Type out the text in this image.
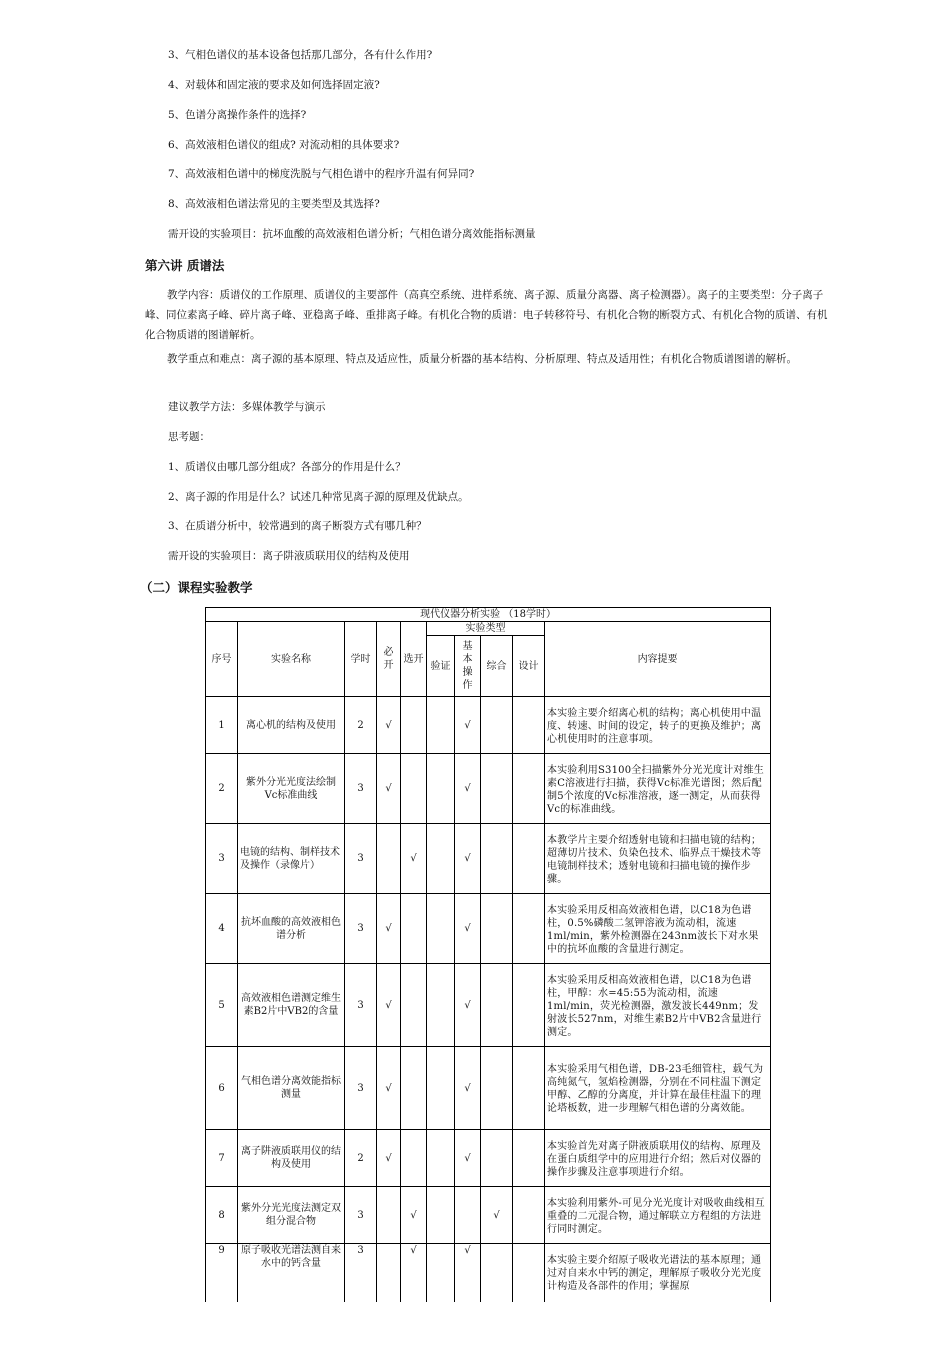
3、气相色谱仪的基本设备包括那几部分，各有什么作用?
4、对载体和固定液的要求及如何选择固定液?
5、色谱分离操作条件的选择?
6、高效液相色谱仪的组成? 对流动相的具体要求?
7、高效液相色谱中的梯度洗脱与气相色谱中的程序升温有何异同?
8、高效液相色谱法常见的主要类型及其选择?
需开设的实验项目：抗坏血酸的高效液相色谱分析；气相色谱分离效能指标测量
第六讲 质谱法

教学内容：质谱仪的工作原理、质谱仪的主要部件（高真空系统、进样系统、离子源、质量分离器、离子检测器）。离子的主要类型：分子离子峰、同位素离子峰、碎片离子峰、亚稳离子峰、重排离子峰。有机化合物的质谱：电子转移符号、有机化合物的断裂方式、有机化合物的质谱、有机化合物质谱的图谱解析。

教学重点和难点：离子源的基本原理、特点及适应性，质量分析器的基本结构、分析原理、特点及适用性；有机化合物质谱图谱的解析。

建议教学方法：多媒体教学与演示
思考题：
1、质谱仪由哪几部分组成？各部分的作用是什么？
2、离子源的作用是什么？试述几种常见离子源的原理及优缺点。
3、在质谱分析中，较常遇到的离子断裂方式有哪几种？
需开设的实验项目：离子阱液质联用仪的结构及使用
（二）课程实验教学
现代仪器分析实验 （18学时）									
序号	实验名称	学时	必开	选开	实验类型				内容提要
					验证	基本操作	综合	设计	
1	离心机的结构及使用	2	√			√			本实验主要介绍离心机的结构；离心机使用中温度、转速、时间的设定，转子的更换及维护；离心机使用时的注意事项。
2	紫外分光光度法绘制Vc标准曲线	3	√			√			本实验利用S3100全扫描紫外分光光度计对维生素C溶液进行扫描，获得Vc标准光谱图；然后配制5个浓度的Vc标准溶液，逐一测定，从而获得Vc的标准曲线。
3	电镜的结构、制样技术及操作（录像片）	3		√		√			本教学片主要介绍透射电镜和扫描电镜的结构；超薄切片技术、负染色技术、临界点干燥技术等电镜制样技术；透射电镜和扫描电镜的操作步骤。
4	抗坏血酸的高效液相色谱分析	3	√			√			本实验采用反相高效液相色谱，以C18为色谱柱，0.5%磷酸二氢钾溶液为流动相，流速1ml/min，紫外检测器在243nm波长下对水果中的抗坏血酸的含量进行测定。
5	高效液相色谱测定维生素B2片中VB2的含量	3	√			√			本实验采用反相高效液相色谱，以C18为色谱柱，甲醇：水=45:55为流动相，流速1ml/min，荧光检测器，激发波长449nm；发射波长527nm，对维生素B2片中VB2含量进行测定。
6	气相色谱分离效能指标测量	3	√			√			本实验采用气相色谱，DB-23毛细管柱，载气为高纯氮气，氢焰检测器，分别在不同柱温下测定甲醇、乙醇的分离度，并计算在最佳柱温下的理论塔板数，进一步理解气相色谱的分离效能。
7	离子阱液质联用仪的结构及使用	2	√			√			本实验首先对离子阱液质联用仪的结构、原理及在蛋白质组学中的应用进行介绍；然后对仪器的操作步骤及注意事项进行介绍。
8	紫外分光光度法测定双组分混合物	3		√			√		本实验利用紫外-可见分光光度计对吸收曲线相互重叠的二元混合物，通过解联立方程组的方法进行同时测定。
9	原子吸收光谱法测自来水中的钙含量	3		√		√			本实验主要介绍原子吸收光谱法的基本原理；通过对自来水中钙的测定，理解原子吸收分光光度计构造及各部件的作用；掌握原
